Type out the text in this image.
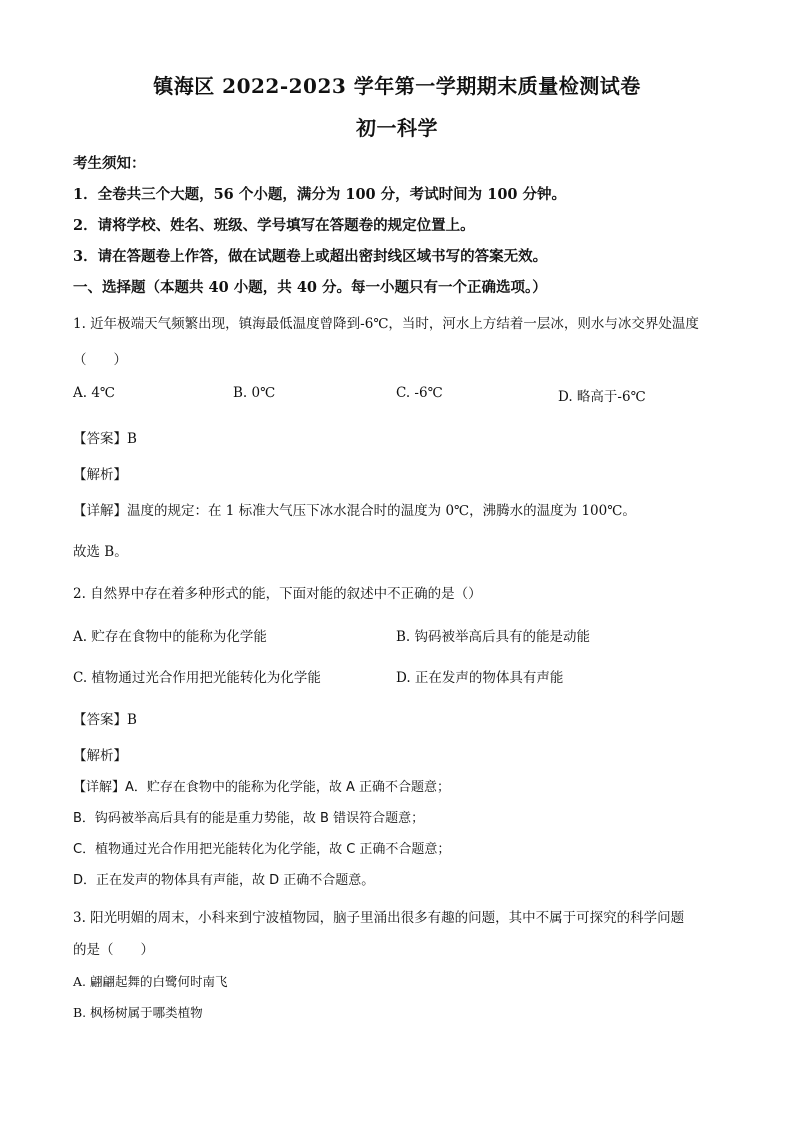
镇海区 2022-2023 学年第一学期期末质量检测试卷
初一科学
考生须知：
1．全卷共三个大题，56 个小题，满分为 100 分，考试时间为 100 分钟。
2．请将学校、姓名、班级、学号填写在答题卷的规定位置上。
3．请在答题卷上作答，做在试题卷上或超出密封线区域书写的答案无效。
一、选择题（本题共 40 小题，共 40 分。每一小题只有一个正确选项。）
1. 近年极端天气频繁出现，镇海最低温度曾降到-6℃，当时，河水上方结着一层冰，则水与冰交界处温度
（　　）
A. 4℃	B. 0℃	C. -6℃	D. 略高于-6℃
【答案】B
【解析】
【详解】温度的规定：在 1 标准大气压下冰水混合时的温度为 0℃，沸腾水的温度为 100℃。
故选 B。
2. 自然界中存在着多种形式的能，下面对能的叙述中不正确的是（）
A. 贮存在食物中的能称为化学能	B. 钩码被举高后具有的能是动能
C. 植物通过光合作用把光能转化为化学能	D. 正在发声的物体具有声能
【答案】B
【解析】
【详解】A．贮存在食物中的能称为化学能，故 A 正确不合题意；
B．钩码被举高后具有的能是重力势能，故 B 错误符合题意；
C．植物通过光合作用把光能转化为化学能，故 C 正确不合题意；
D．正在发声的物体具有声能，故 D 正确不合题意。
3. 阳光明媚的周末，小科来到宁波植物园，脑子里涌出很多有趣的问题，其中不属于可探究的科学问题
的是（　　）
A. 翩翩起舞的白鹭何时南飞
B. 枫杨树属于哪类植物
